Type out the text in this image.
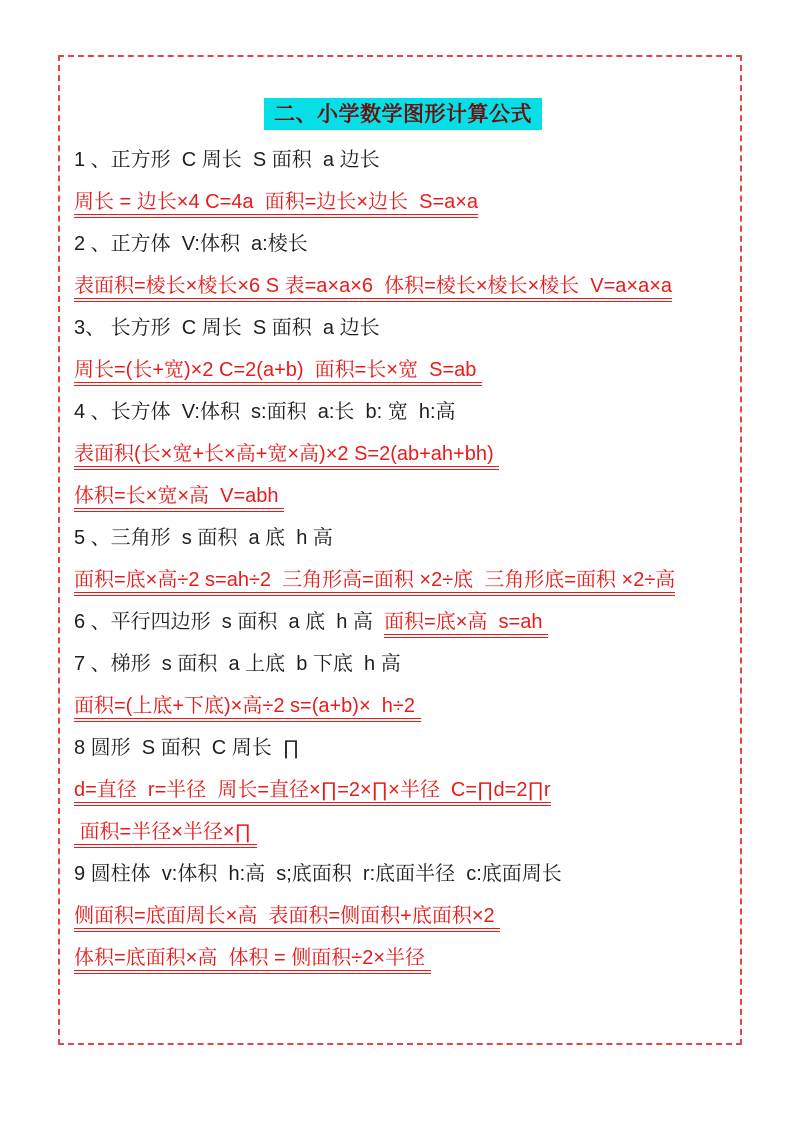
二、小学数学图形计算公式

1 、正方形  C 周长  S 面积  a 边长

周长 = 边长×4 C=4a  面积=边长×边长  S=a×a

2 、正方体  V:体积  a:棱长

表面积=棱长×棱长×6 S 表=a×a×6  体积=棱长×棱长×棱长  V=a×a×a

3、 长方形  C 周长  S 面积  a 边长

周长=(长+宽)×2 C=2(a+b)  面积=长×宽  S=ab

4 、长方体  V:体积  s:面积  a:长  b: 宽  h:高

表面积(长×宽+长×高+宽×高)×2 S=2(ab+ah+bh)

体积=长×宽×高  V=abh

5 、三角形  s 面积  a 底  h 高

面积=底×高÷2 s=ah÷2  三角形高=面积 ×2÷底  三角形底=面积 ×2÷高

6 、平行四边形  s 面积  a 底  h 高  面积=底×高  s=ah

7 、梯形  s 面积  a 上底  b 下底  h 高

面积=(上底+下底)×高÷2 s=(a+b)×  h÷2

8 圆形  S 面积  C 周长  ∏

d=直径  r=半径  周长=直径×∏=2×∏×半径  C=∏d=2∏r

面积=半径×半径×∏

9 圆柱体  v:体积  h:高  s;底面积  r:底面半径  c:底面周长

侧面积=底面周长×高  表面积=侧面积+底面积×2

体积=底面积×高  体积 = 侧面积÷2×半径
